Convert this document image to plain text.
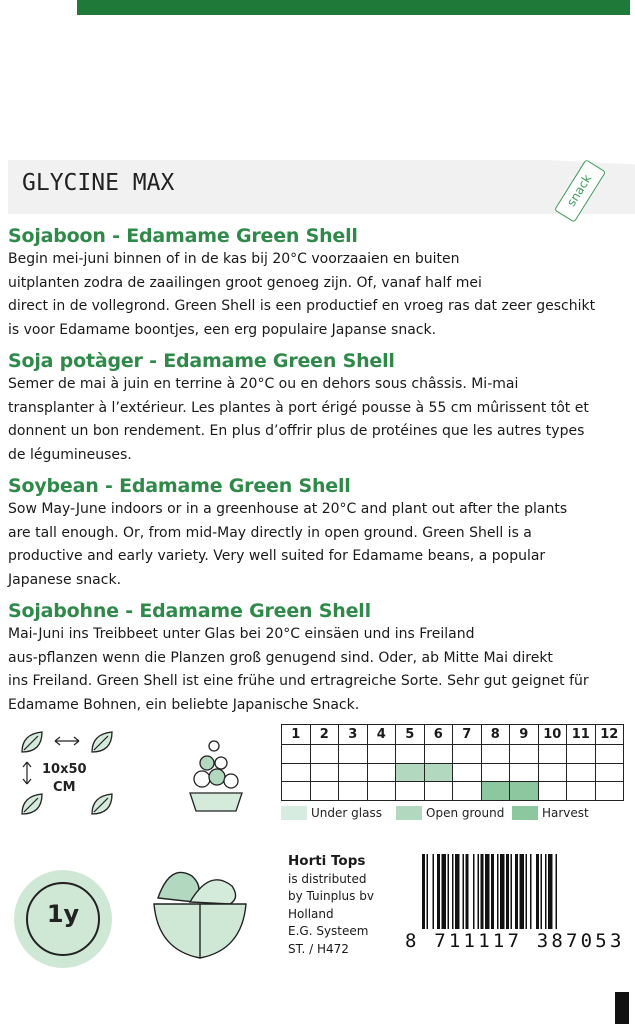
GLYCINE MAX	snack
Sojaboon - Edamame Green Shell

Begin mei-juni binnen of in de kas bij 20°C voorzaaien en buiten
uitplanten zodra de zaailingen groot genoeg zijn. Of, vanaf half mei
direct in de vollegrond. Green Shell is een productief en vroeg ras dat zeer geschikt
is voor Edamame boontjes, een erg populaire Japanse snack.

Soja potàger - Edamame Green Shell

Semer de mai à juin en terrine à 20°C ou en dehors sous châssis. Mi-mai
transplanter à l’extérieur. Les plantes à port érigé pousse à 55 cm mûrissent tôt et
donnent un bon rendement. En plus d’offrir plus de protéines que les autres types
de légumineuses.

Soybean - Edamame Green Shell

Sow May-June indoors or in a greenhouse at 20°C and plant out after the plants
are tall enough. Or, from mid-May directly in open ground. Green Shell is a
productive and early variety. Very well suited for Edamame beans, a popular
Japanese snack.

Sojabohne - Edamame Green Shell

Mai-Juni ins Treibbeet unter Glas bei 20°C einsäen und ins Freiland
aus-pflanzen wenn die Planzen groß genugend sind. Oder, ab Mitte Mai direkt
ins Freiland. Green Shell ist eine frühe und ertragreiche Sorte. Sehr gut geignet für
Edamame Bohnen, ein beliebte Japanische Snack.

10x50
CM
1y
1	2	3	4	5	6	7	8	9	10	11	12

Under glass	Open ground	Harvest
Horti Tops
is distributed
by Tuinplus bv
Holland
E.G. Systeem
ST. / H472	8 711117 387053
